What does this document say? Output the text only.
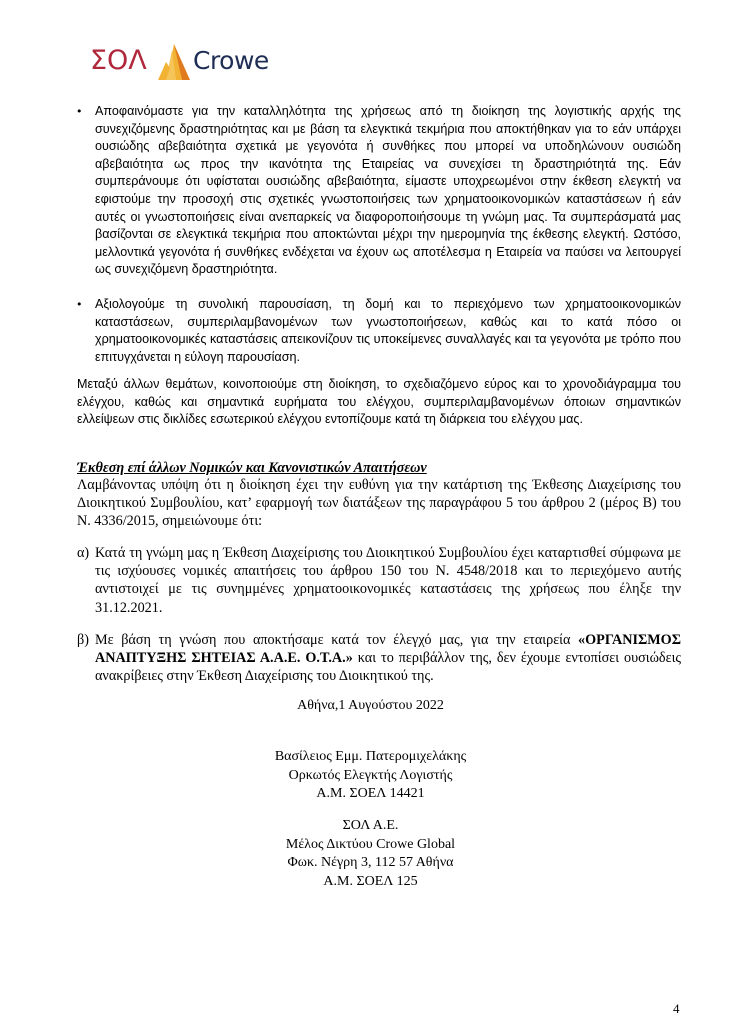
ΣΟΛ Crowe
• Αποφαινόμαστε για την καταλληλότητα της χρήσεως από τη διοίκηση της λογιστικής αρχής της συνεχιζόμενης δραστηριότητας και με βάση τα ελεγκτικά τεκμήρια που αποκτήθηκαν για το εάν υπάρχει ουσιώδης αβεβαιότητα σχετικά με γεγονότα ή συνθήκες που μπορεί να υποδηλώνουν ουσιώδη αβεβαιότητα ως προς την ικανότητα της Εταιρείας να συνεχίσει τη δραστηριότητά της. Εάν συμπεράνουμε ότι υφίσταται ουσιώδης αβεβαιότητα, είμαστε υποχρεωμένοι στην έκθεση ελεγκτή να εφιστούμε την προσοχή στις σχετικές γνωστοποιήσεις των χρηματοοικονομικών καταστάσεων ή εάν αυτές οι γνωστοποιήσεις είναι ανεπαρκείς να διαφοροποιήσουμε τη γνώμη μας. Τα συμπεράσματά μας βασίζονται σε ελεγκτικά τεκμήρια που αποκτώνται μέχρι την ημερομηνία της έκθεσης ελεγκτή. Ωστόσο, μελλοντικά γεγονότα ή συνθήκες ενδέχεται να έχουν ως αποτέλεσμα η Εταιρεία να παύσει να λειτουργεί ως συνεχιζόμενη δραστηριότητα.
• Αξιολογούμε τη συνολική παρουσίαση, τη δομή και το περιεχόμενο των χρηματοοικονομικών καταστάσεων, συμπεριλαμβανομένων των γνωστοποιήσεων, καθώς και το κατά πόσο οι χρηματοοικονομικές καταστάσεις απεικονίζουν τις υποκείμενες συναλλαγές και τα γεγονότα με τρόπο που επιτυγχάνεται η εύλογη παρουσίαση.
Μεταξύ άλλων θεμάτων, κοινοποιούμε στη διοίκηση, το σχεδιαζόμενο εύρος και το χρονοδιάγραμμα του ελέγχου, καθώς και σημαντικά ευρήματα του ελέγχου, συμπεριλαμβανομένων όποιων σημαντικών ελλείψεων στις δικλίδες εσωτερικού ελέγχου εντοπίζουμε κατά τη διάρκεια του ελέγχου μας.
Έκθεση επί άλλων Νομικών και Κανονιστικών Απαιτήσεων
Λαμβάνοντας υπόψη ότι η διοίκηση έχει την ευθύνη για την κατάρτιση της Έκθεσης Διαχείρισης του Διοικητικού Συμβουλίου, κατ’ εφαρμογή των διατάξεων της παραγράφου 5 του άρθρου 2 (μέρος Β) του Ν. 4336/2015, σημειώνουμε ότι:
α) Κατά τη γνώμη μας η Έκθεση Διαχείρισης του Διοικητικού Συμβουλίου έχει καταρτισθεί σύμφωνα με τις ισχύουσες νομικές απαιτήσεις του άρθρου 150 του Ν. 4548/2018 και το περιεχόμενο αυτής αντιστοιχεί με τις συνημμένες χρηματοοικονομικές καταστάσεις της χρήσεως που έληξε την 31.12.2021.
β) Με βάση τη γνώση που αποκτήσαμε κατά τον έλεγχό μας, για την εταιρεία «ΟΡΓΑΝΙΣΜΟΣ ΑΝΑΠΤΥΞΗΣ ΣΗΤΕΙΑΣ Α.Α.Ε. Ο.Τ.Α.» και το περιβάλλον της, δεν έχουμε εντοπίσει ουσιώδεις ανακρίβειες στην Έκθεση Διαχείρισης του Διοικητικού της.
Αθήνα,1 Αυγούστου 2022
Βασίλειος Εμμ. Πατερομιχελάκης
Ορκωτός Ελεγκτής Λογιστής
Α.Μ. ΣΟΕΛ 14421
ΣΟΛ Α.Ε.
Μέλος Δικτύου Crowe Global
Φωκ. Νέγρη 3, 112 57 Αθήνα
Α.Μ. ΣΟΕΛ 125
4
